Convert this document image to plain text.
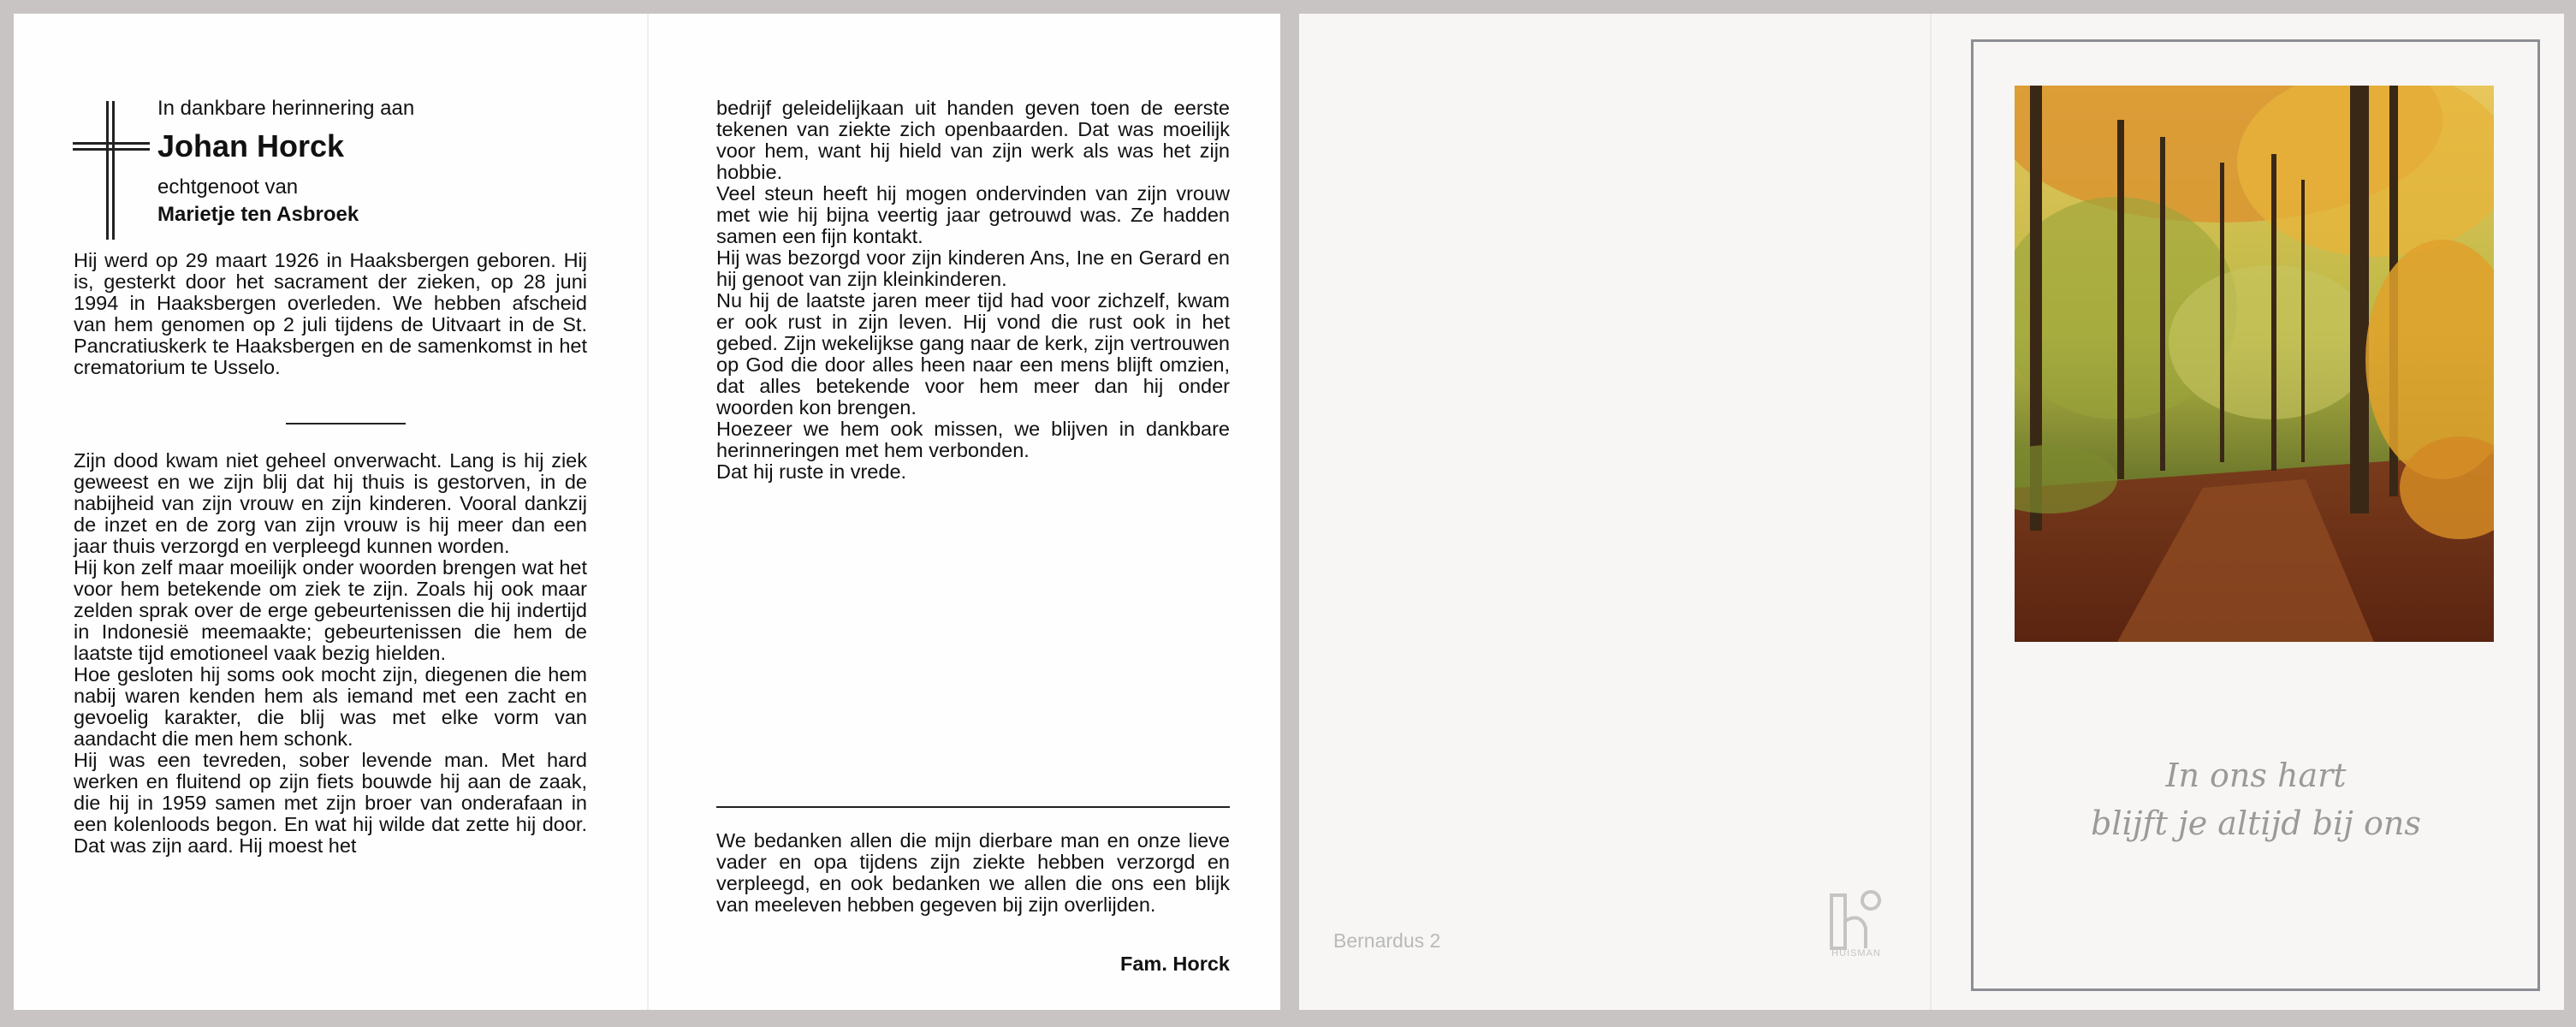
In dankbare herinnering aan
Johan Horck
echtgenoot van
Marietje ten Asbroek

Hij werd op 29 maart 1926 in Haaksbergen geboren. Hij is, gesterkt door het sacrament der zieken, op 28 juni 1994 in Haaksbergen overleden. We hebben afscheid van hem genomen op 2 juli tijdens de Uitvaart in de St. Pancratiuskerk te Haaksbergen en de samenkomst in het crematorium te Usselo.

Zijn dood kwam niet geheel onverwacht. Lang is hij ziek geweest en we zijn blij dat hij thuis is gestorven, in de nabijheid van zijn vrouw en zijn kinderen. Vooral dankzij de inzet en de zorg van zijn vrouw is hij meer dan een jaar thuis verzorgd en verpleegd kunnen worden.

Hij kon zelf maar moeilijk onder woorden brengen wat het voor hem betekende om ziek te zijn. Zoals hij ook maar zelden sprak over de erge gebeurtenissen die hij indertijd in Indonesië meemaakte; gebeurtenissen die hem de laatste tijd emotioneel vaak bezig hielden.

Hoe gesloten hij soms ook mocht zijn, diegenen die hem nabij waren kenden hem als iemand met een zacht en gevoelig karakter, die blij was met elke vorm van aandacht die men hem schonk.

Hij was een tevreden, sober levende man. Met hard werken en fluitend op zijn fiets bouwde hij aan de zaak, die hij in 1959 samen met zijn broer van onderafaan in een kolenloods begon. En wat hij wilde dat zette hij door. Dat was zijn aard. Hij moest het

bedrijf geleidelijkaan uit handen geven toen de eerste tekenen van ziekte zich openbaarden. Dat was moeilijk voor hem, want hij hield van zijn werk als was het zijn hobbie.

Veel steun heeft hij mogen ondervinden van zijn vrouw met wie hij bijna veertig jaar getrouwd was. Ze hadden samen een fijn kontakt.

Hij was bezorgd voor zijn kinderen Ans, Ine en Gerard en hij genoot van zijn kleinkinderen.

Nu hij de laatste jaren meer tijd had voor zichzelf, kwam er ook rust in zijn leven. Hij vond die rust ook in het gebed. Zijn wekelijkse gang naar de kerk, zijn vertrouwen op God die door alles heen naar een mens blijft omzien, dat alles betekende voor hem meer dan hij onder woorden kon brengen.

Hoezeer we hem ook missen, we blijven in dankbare herinneringen met hem verbonden.

Dat hij ruste in vrede.

We bedanken allen die mijn dierbare man en onze lieve vader en opa tijdens zijn ziekte hebben verzorgd en verpleegd, en ook bedanken we allen die ons een blijk van meeleven hebben gegeven bij zijn overlijden.

Fam. Horck
Bernardus 2
HUISMAN
In ons hart
blijft je altijd bij ons
